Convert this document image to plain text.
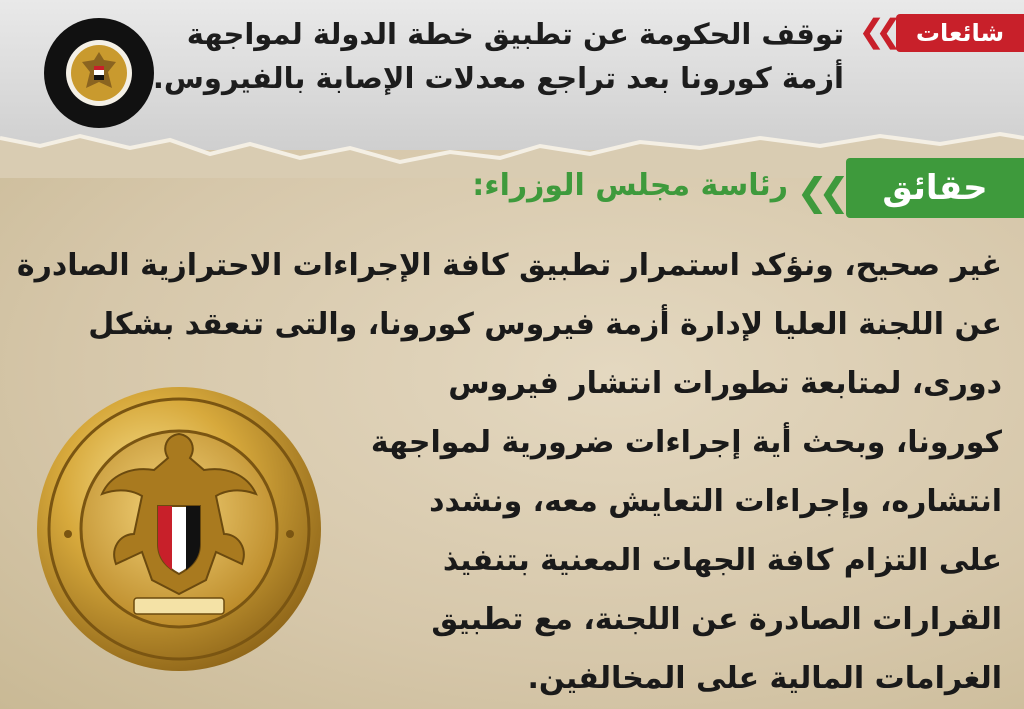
شائعات
❮❮
توقف الحكومة عن تطبيق خطة الدولة لمواجهة
أزمة كورونا بعد تراجع معدلات الإصابة بالفيروس.
حقائق
❮❮
رئاسة مجلس الوزراء:
غير صحيح، ونؤكد استمرار تطبيق كافة الإجراءات الاحترازية الصادرة
عن اللجنة العليا لإدارة أزمة فيروس كورونا، والتى تنعقد بشكل
دورى، لمتابعة تطورات انتشار فيروس
كورونا، وبحث أية إجراءات ضرورية لمواجهة
انتشاره، وإجراءات التعايش معه، ونشدد
على التزام كافة الجهات المعنية بتنفيذ
القرارات الصادرة عن اللجنة، مع تطبيق
الغرامات المالية على المخالفين.
